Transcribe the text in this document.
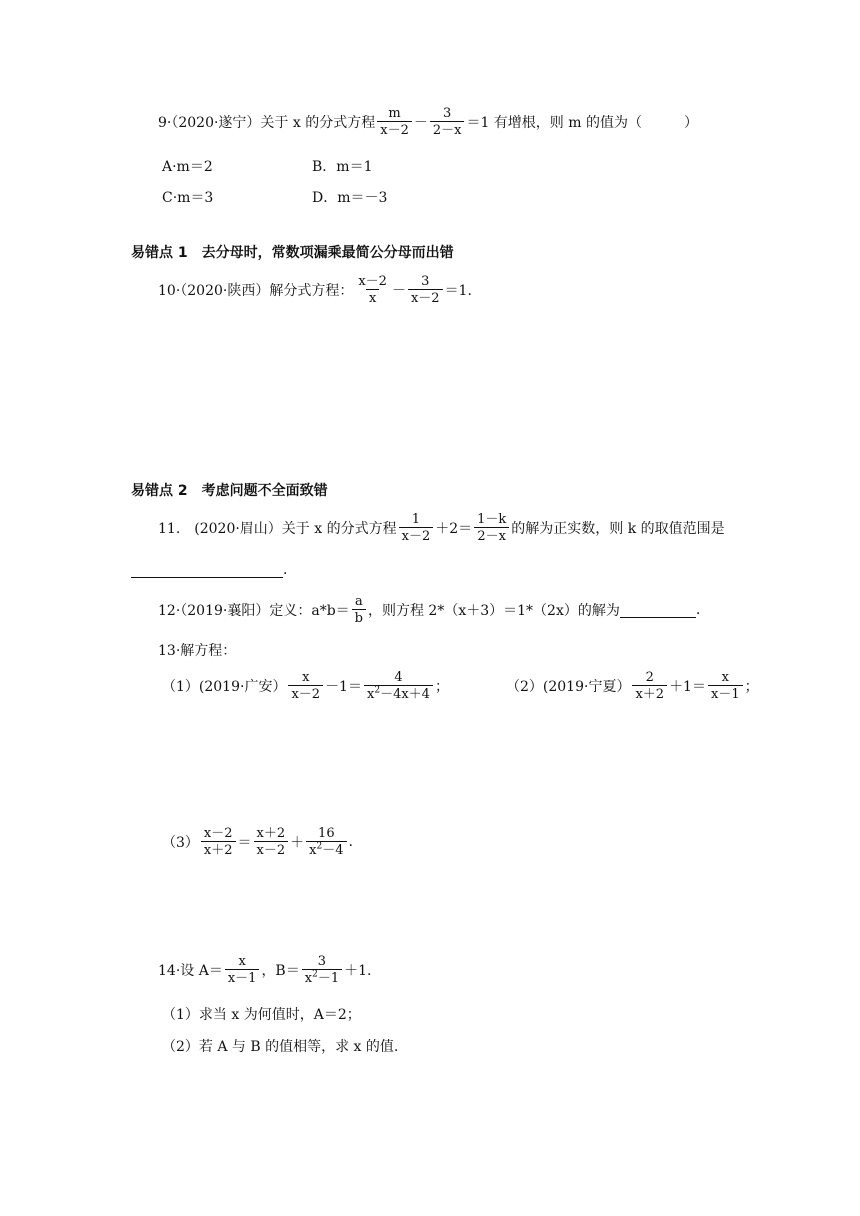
9·（2020·遂宁）关于 x 的分式方程 $\frac{m}{x-2} - \frac{3}{2-x} =1$ 有增根，则 m 的值为（　　　）
A·m＝2	B．m＝1
C·m＝3	D．m＝－3
易错点 1　去分母时，常数项漏乘最简公分母而出错
10·（2020·陕西）解分式方程： $\frac{x-2}{x} - \frac{3}{x-2} =1$.
易错点 2　考虑问题不全面致错
11.　(2020·眉山）关于 x 的分式方程 $\frac{1}{x-2} +2= \frac{1-k}{2-x}$ 的解为正实数，则 k 的取值范围是
.
12·（2019·襄阳）定义：$a*b= \frac{a}{b}$ ，则方程 2*（x＋3）＝1*（2x）的解为	.
13·解方程：
（1）(2019·广安） $\frac{x}{x-2} -1= \frac{4}{x^2-4x+4}$ ；	（2）(2019·宁夏） $\frac{2}{x+2} +1= \frac{x}{x-1}$ ；
$(3) \frac{x-2}{x+2} = \frac{x+2}{x-2} + \frac{16}{x^2-4}$ .
14·设 $A= \frac{x}{x-1}$ ，$B= \frac{3}{x^2-1} +1$.
（1）求当 x 为何值时，A＝2；
（2）若 A 与 B 的值相等，求 x 的值.
